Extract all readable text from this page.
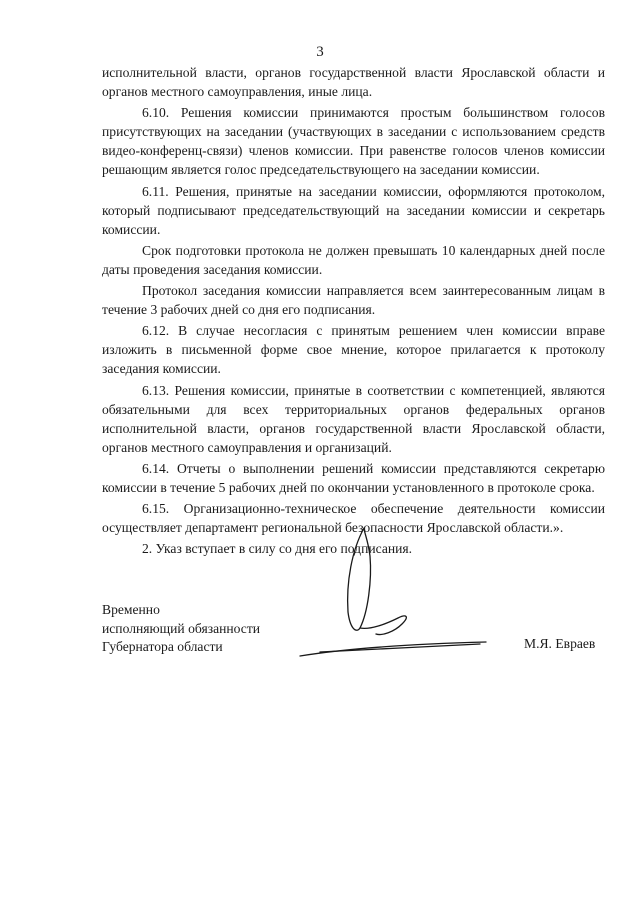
3

исполнительной власти, органов государственной власти Ярославской области и органов местного самоуправления, иные лица.

6.10. Решения комиссии принимаются простым большинством голосов присутствующих на заседании (участвующих в заседании с использованием средств видео-конференц-связи) членов комиссии. При равенстве голосов членов комиссии решающим является голос председательствующего на заседании комиссии.

6.11. Решения, принятые на заседании комиссии, оформляются протоколом, который подписывают председательствующий на заседании комиссии и секретарь комиссии.

Срок подготовки протокола не должен превышать 10 календарных дней после даты проведения заседания комиссии.

Протокол заседания комиссии направляется всем заинтересованным лицам в течение 3 рабочих дней со дня его подписания.

6.12. В случае несогласия с принятым решением член комиссии вправе изложить в письменной форме свое мнение, которое прилагается к протоколу заседания комиссии.

6.13. Решения комиссии, принятые в соответствии с компетенцией, являются обязательными для всех территориальных органов федеральных органов исполнительной власти, органов государственной власти Ярославской области, органов местного самоуправления и организаций.

6.14. Отчеты о выполнении решений комиссии представляются секретарю комиссии в течение 5 рабочих дней по окончании установленного в протоколе срока.

6.15. Организационно-техническое обеспечение деятельности комиссии осуществляет департамент региональной безопасности Ярославской области.».

2. Указ вступает в силу со дня его подписания.

Временно
исполняющий обязанности
Губернатора области	М.Я. Евраев
